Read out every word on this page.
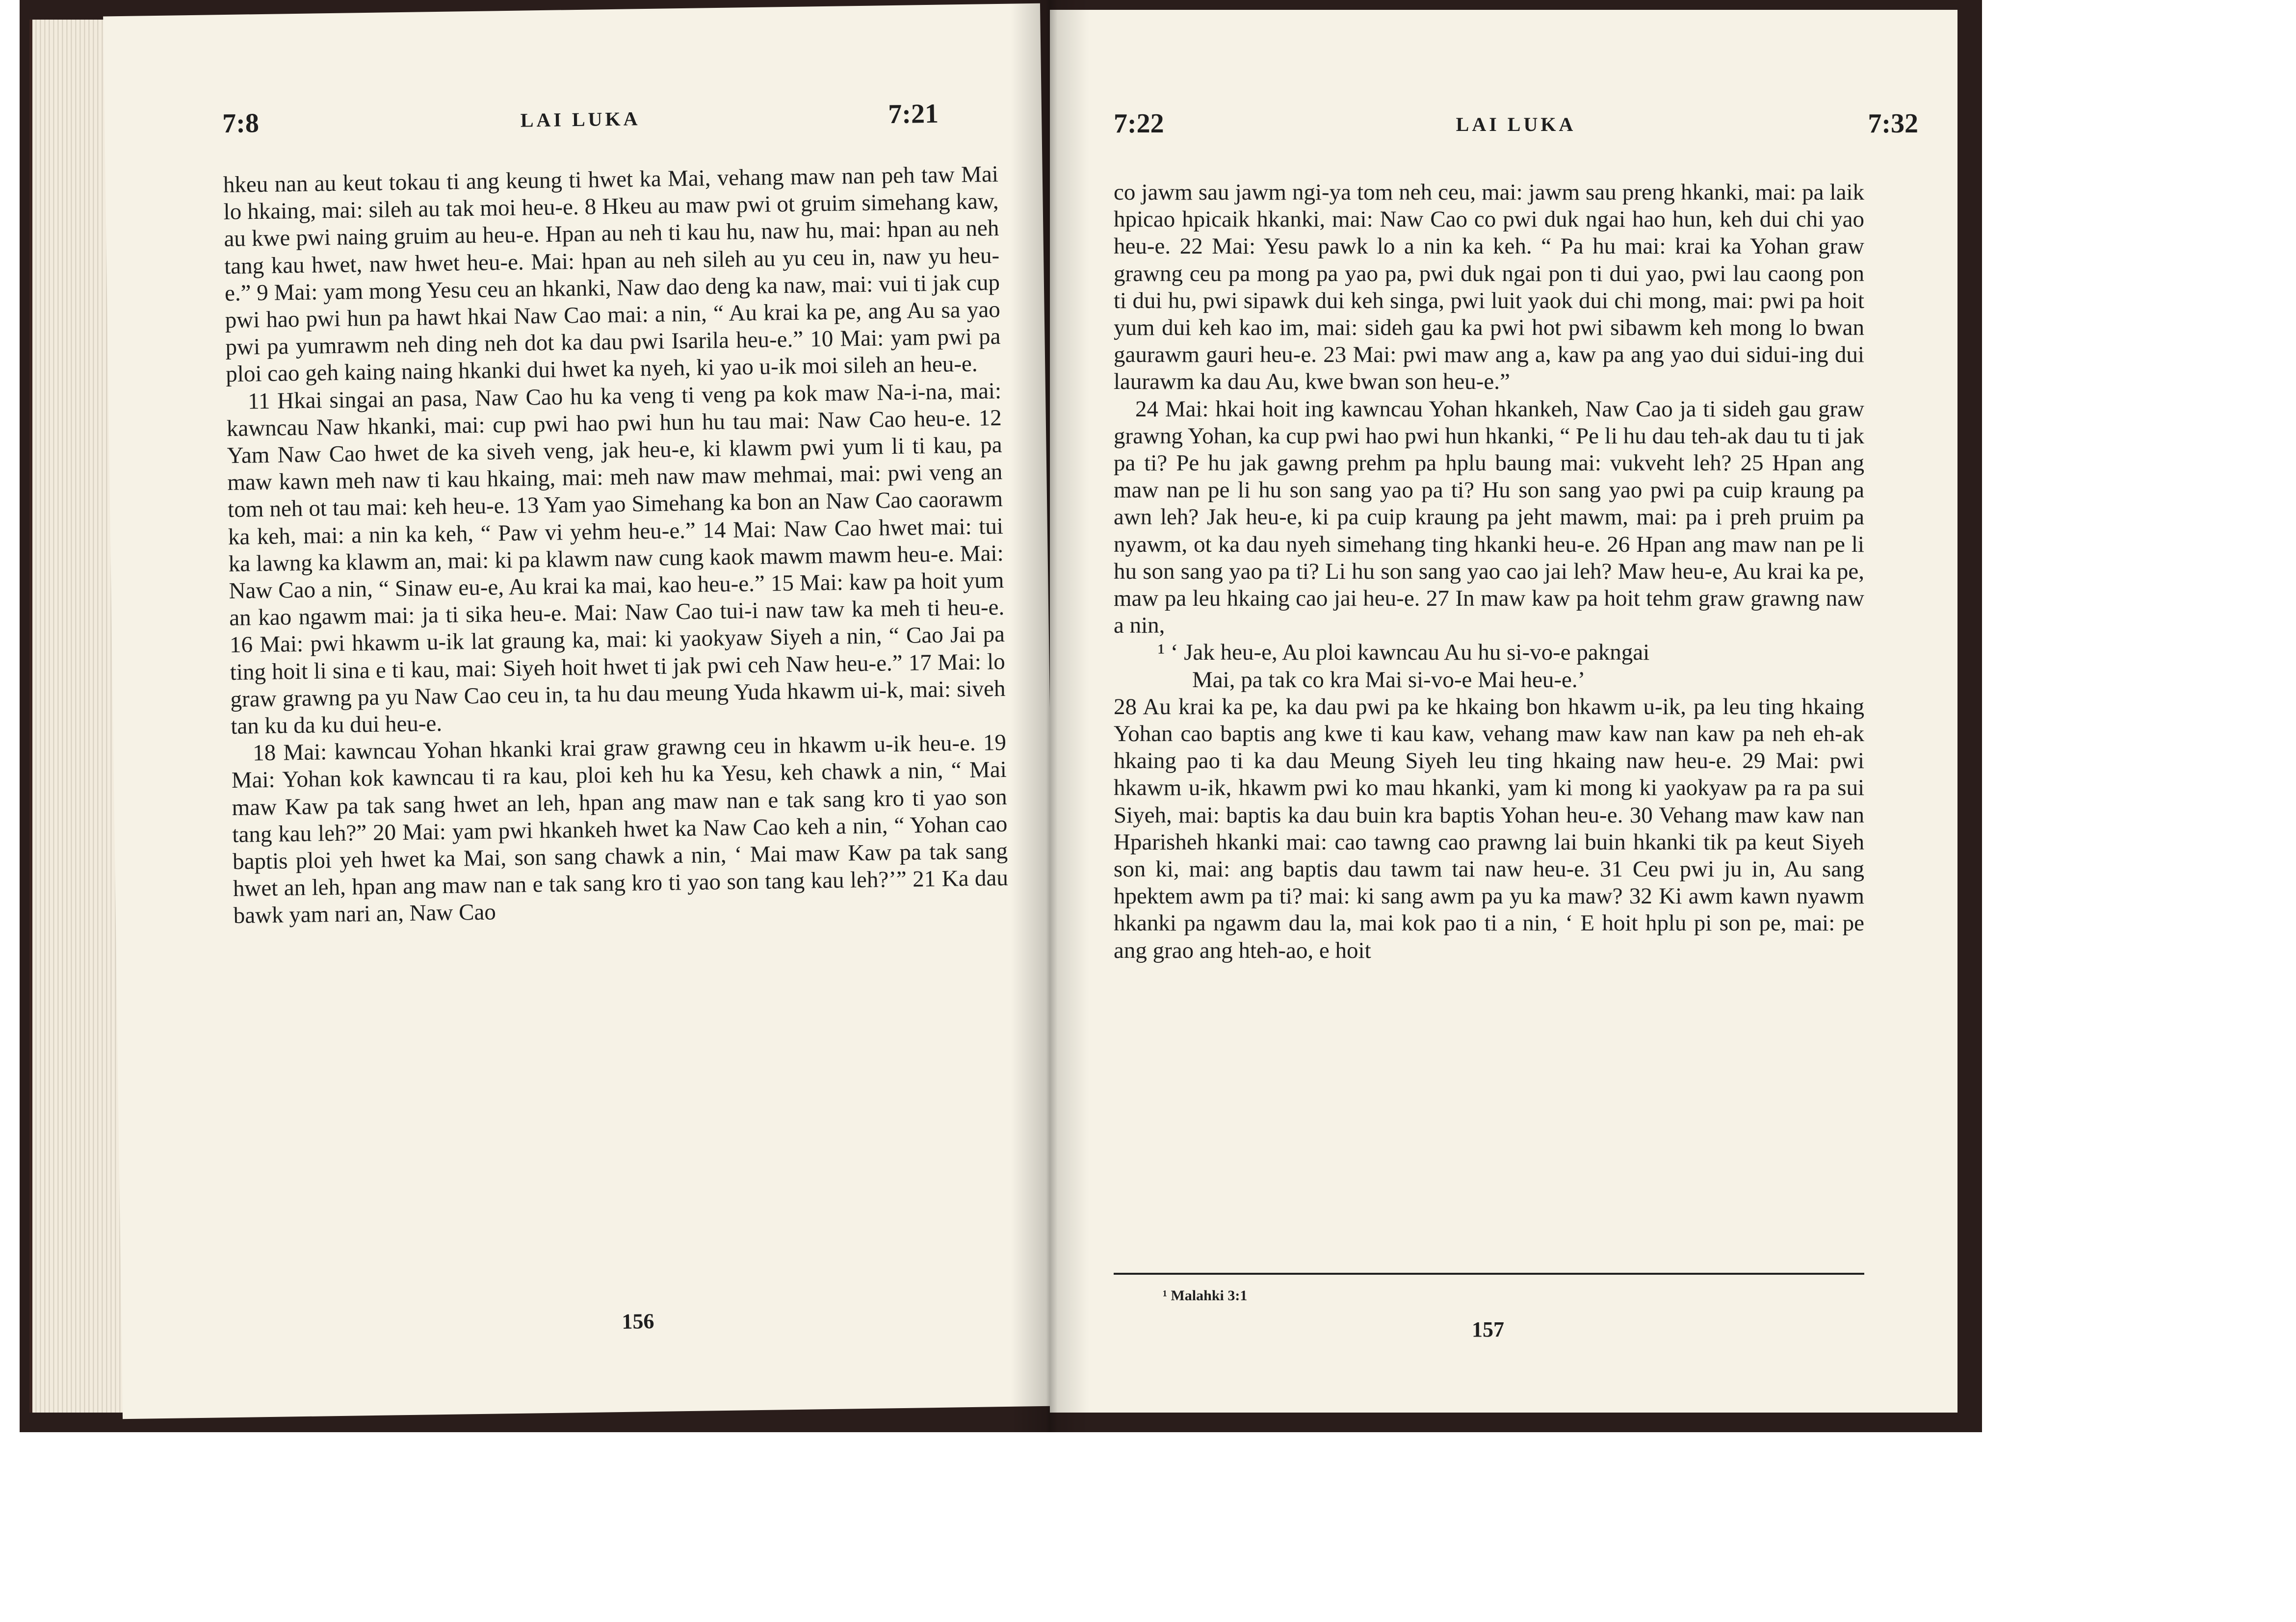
7:8	LAI LUKA	7:21

hkeu nan au keut tokau ti ang keung ti hwet ka Mai, vehang maw nan peh taw Mai lo hkaing, mai: sileh au tak moi heu-e. 8 Hkeu au maw pwi ot gruim simehang kaw, au kwe pwi naing gruim au heu-e. Hpan au neh ti kau hu, naw hu, mai: hpan au neh tang kau hwet, naw hwet heu-e. Mai: hpan au neh sileh au yu ceu in, naw yu heu-e.” 9 Mai: yam mong Yesu ceu an hkanki, Naw dao deng ka naw, mai: vui ti jak cup pwi hao pwi hun pa hawt hkai Naw Cao mai: a nin, “ Au krai ka pe, ang Au sa yao pwi pa yumrawm neh ding neh dot ka dau pwi Isarila heu-e.” 10 Mai: yam pwi pa ploi cao geh kaing naing hkanki dui hwet ka nyeh, ki yao u-ik moi sileh an heu-e.

11 Hkai singai an pasa, Naw Cao hu ka veng ti veng pa kok maw Na-i-na, mai: kawncau Naw hkanki, mai: cup pwi hao pwi hun hu tau mai: Naw Cao heu-e. 12 Yam Naw Cao hwet de ka siveh veng, jak heu-e, ki klawm pwi yum li ti kau, pa maw kawn meh naw ti kau hkaing, mai: meh naw maw mehmai, mai: pwi veng an tom neh ot tau mai: keh heu-e. 13 Yam yao Simehang ka bon an Naw Cao caorawm ka keh, mai: a nin ka keh, “ Paw vi yehm heu-e.” 14 Mai: Naw Cao hwet mai: tui ka lawng ka klawm an, mai: ki pa klawm naw cung kaok mawm mawm heu-e. Mai: Naw Cao a nin, “ Sinaw eu-e, Au krai ka mai, kao heu-e.” 15 Mai: kaw pa hoit yum an kao ngawm mai: ja ti sika heu-e. Mai: Naw Cao tui-i naw taw ka meh ti heu-e. 16 Mai: pwi hkawm u-ik lat graung ka, mai: ki yaokyaw Siyeh a nin, “ Cao Jai pa ting hoit li sina e ti kau, mai: Siyeh hoit hwet ti jak pwi ceh Naw heu-e.” 17 Mai: lo graw grawng pa yu Naw Cao ceu in, ta hu dau meung Yuda hkawm ui-k, mai: siveh tan ku da ku dui heu-e.

18 Mai: kawncau Yohan hkanki krai graw grawng ceu in hkawm u-ik heu-e. 19 Mai: Yohan kok kawncau ti ra kau, ploi keh hu ka Yesu, keh chawk a nin, “ Mai maw Kaw pa tak sang hwet an leh, hpan ang maw nan e tak sang kro ti yao son tang kau leh?” 20 Mai: yam pwi hkankeh hwet ka Naw Cao keh a nin, “ Yohan cao baptis ploi yeh hwet ka Mai, son sang chawk a nin, ‘ Mai maw Kaw pa tak sang hwet an leh, hpan ang maw nan e tak sang kro ti yao son tang kau leh?’” 21 Ka dau bawk yam nari an, Naw Cao

156
7:22	LAI LUKA	7:32

co jawm sau jawm ngi-ya tom neh ceu, mai: jawm sau preng hkanki, mai: pa laik hpicao hpicaik hkanki, mai: Naw Cao co pwi duk ngai hao hun, keh dui chi yao heu-e. 22 Mai: Yesu pawk lo a nin ka keh. “ Pa hu mai: krai ka Yohan graw grawng ceu pa mong pa yao pa, pwi duk ngai pon ti dui yao, pwi lau caong pon ti dui hu, pwi sipawk dui keh singa, pwi luit yaok dui chi mong, mai: pwi pa hoit yum dui keh kao im, mai: sideh gau ka pwi hot pwi sibawm keh mong lo bwan gaurawm gauri heu-e. 23 Mai: pwi maw ang a, kaw pa ang yao dui sidui-ing dui laurawm ka dau Au, kwe bwan son heu-e.”

24 Mai: hkai hoit ing kawncau Yohan hkankeh, Naw Cao ja ti sideh gau graw grawng Yohan, ka cup pwi hao pwi hun hkanki, “ Pe li hu dau teh-ak dau tu ti jak pa ti? Pe hu jak gawng prehm pa hplu baung mai: vukveht leh? 25 Hpan ang maw nan pe li hu son sang yao pa ti? Hu son sang yao pwi pa cuip kraung pa awn leh? Jak heu-e, ki pa cuip kraung pa jeht mawm, mai: pa i preh pruim pa nyawm, ot ka dau nyeh simehang ting hkanki heu-e. 26 Hpan ang maw nan pe li hu son sang yao pa ti? Li hu son sang yao cao jai leh? Maw heu-e, Au krai ka pe, maw pa leu hkaing cao jai heu-e. 27 In maw kaw pa hoit tehm graw grawng naw a nin,

¹ ‘ Jak heu-e, Au ploi kawncau Au hu si-vo-e pakngai

Mai, pa tak co kra Mai si-vo-e Mai heu-e.’

28 Au krai ka pe, ka dau pwi pa ke hkaing bon hkawm u-ik, pa leu ting hkaing Yohan cao baptis ang kwe ti kau kaw, vehang maw kaw nan kaw pa neh eh-ak hkaing pao ti ka dau Meung Siyeh leu ting hkaing naw heu-e. 29 Mai: pwi hkawm u-ik, hkawm pwi ko mau hkanki, yam ki mong ki yaokyaw pa ra pa sui Siyeh, mai: baptis ka dau buin kra baptis Yohan heu-e. 30 Vehang maw kaw nan Hparisheh hkanki mai: cao tawng cao prawng lai buin hkanki tik pa keut Siyeh son ki, mai: ang baptis dau tawm tai naw heu-e. 31 Ceu pwi ju in, Au sang hpektem awm pa ti? mai: ki sang awm pa yu ka maw? 32 Ki awm kawn nyawm hkanki pa ngawm dau la, mai kok pao ti a nin, ‘ E hoit hplu pi son pe, mai: pe ang grao ang hteh-ao, e hoit

¹ Malahki 3:1
157
